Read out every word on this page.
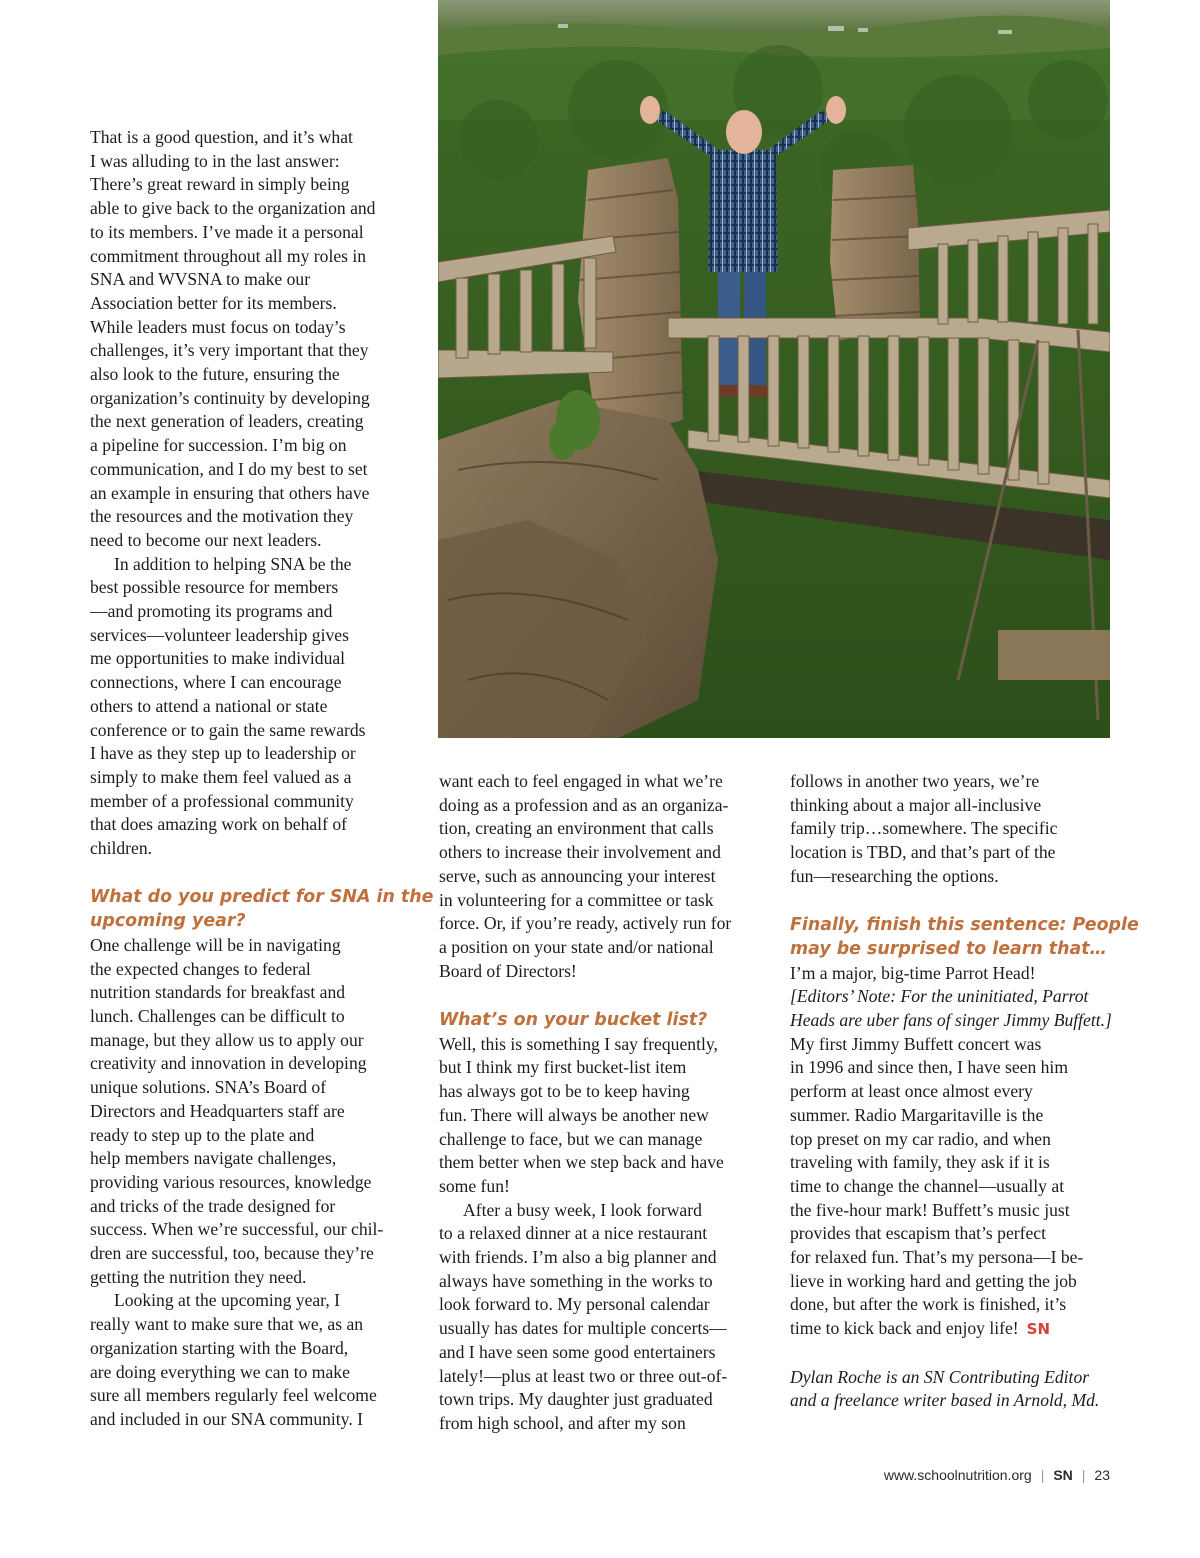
That is a good question, and it’s what

I was alluding to in the last answer:

There’s great reward in simply being

able to give back to the organization and

to its members. I’ve made it a personal

commitment throughout all my roles in

SNA and WVSNA to make our

Association better for its members.

While leaders must focus on today’s

challenges, it’s very important that they

also look to the future, ensuring the

organization’s continuity by developing

the next generation of leaders, creating

a pipeline for succession. I’m big on

communication, and I do my best to set

an example in ensuring that others have

the resources and the motivation they

need to become our next leaders.

In addition to helping SNA be the

best possible resource for members

—and promoting its programs and

services—volunteer leadership gives

me opportunities to make individual

connections, where I can encourage

others to attend a national or state

conference or to gain the same rewards

I have as they step up to leadership or

simply to make them feel valued as a

member of a professional community

that does amazing work on behalf of

children.

What do you predict for SNA in the

upcoming year?

One challenge will be in navigating

the expected changes to federal

nutrition standards for breakfast and

lunch. Challenges can be difficult to

manage, but they allow us to apply our

creativity and innovation in developing

unique solutions. SNA’s Board of

Directors and Headquarters staff are

ready to step up to the plate and

help members navigate challenges,

providing various resources, knowledge

and tricks of the trade designed for

success. When we’re successful, our chil-

dren are successful, too, because they’re

getting the nutrition they need.

Looking at the upcoming year, I

really want to make sure that we, as an

organization starting with the Board,

are doing everything we can to make

sure all members regularly feel welcome

and included in our SNA community. I

want each to feel engaged in what we’re

doing as a profession and as an organiza-

tion, creating an environment that calls

others to increase their involvement and

serve, such as announcing your interest

in volunteering for a committee or task

force. Or, if you’re ready, actively run for

a position on your state and/or national

Board of Directors!

What’s on your bucket list?

Well, this is something I say frequently,

but I think my first bucket-list item

has always got to be to keep having

fun. There will always be another new

challenge to face, but we can manage

them better when we step back and have

some fun!

After a busy week, I look forward

to a relaxed dinner at a nice restaurant

with friends. I’m also a big planner and

always have something in the works to

look forward to. My personal calendar

usually has dates for multiple concerts—

and I have seen some good entertainers

lately!—plus at least two or three out-of-

town trips. My daughter just graduated

from high school, and after my son

follows in another two years, we’re

thinking about a major all-inclusive

family trip…somewhere. The specific

location is TBD, and that’s part of the

fun—researching the options.

Finally, finish this sentence: People

may be surprised to learn that…

I’m a major, big-time Parrot Head!

[Editors’ Note: For the uninitiated, Parrot

Heads are uber fans of singer Jimmy Buffett.]

My first Jimmy Buffett concert was

in 1996 and since then, I have seen him

perform at least once almost every

summer. Radio Margaritaville is the

top preset on my car radio, and when

traveling with family, they ask if it is

time to change the channel—usually at

the five-hour mark! Buffett’s music just

provides that escapism that’s perfect

for relaxed fun. That’s my persona—I be-

lieve in working hard and getting the job

done, but after the work is finished, it’s

time to kick back and enjoy life! SN

Dylan Roche is an SN Contributing Editor

and a freelance writer based in Arnold, Md.

www.schoolnutrition.org | SN | 23
